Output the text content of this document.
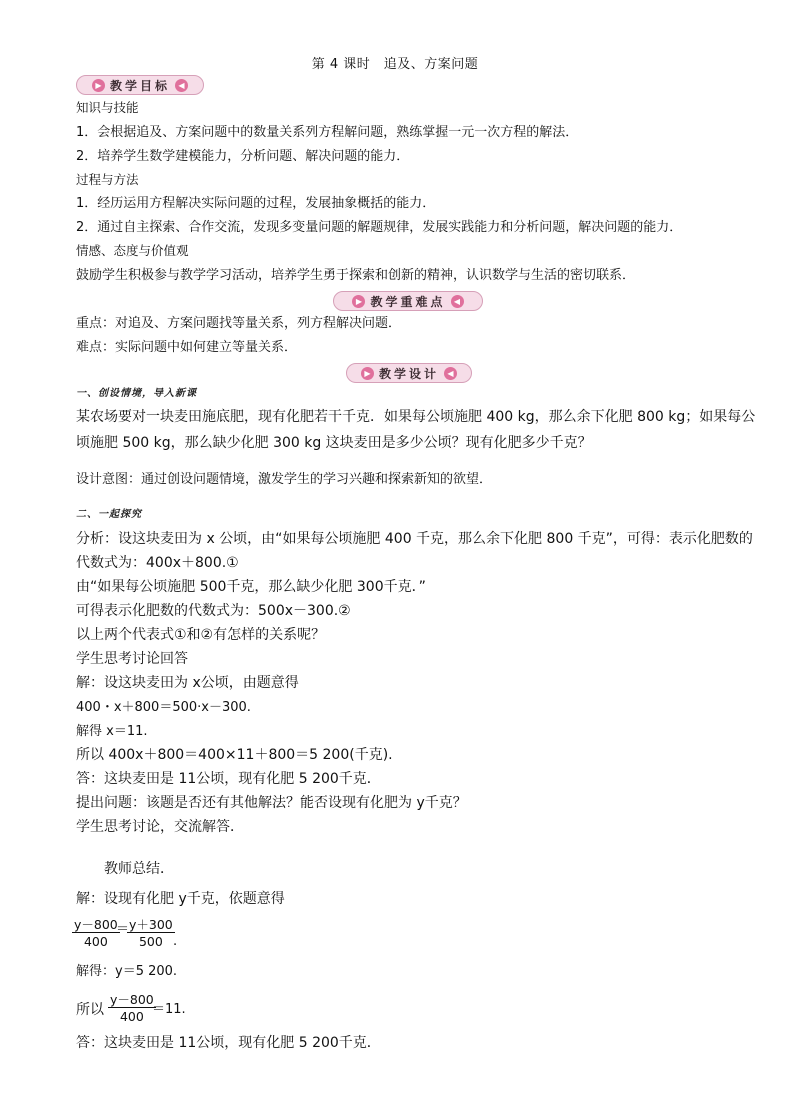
第 4 课时　追及、方案问题
▶ 教学目标	◀
知识与技能
1．会根据追及、方案问题中的数量关系列方程解问题，熟练掌握一元一次方程的解法．
2．培养学生数学建模能力，分析问题、解决问题的能力．
过程与方法
1．经历运用方程解决实际问题的过程，发展抽象概括的能力．
2．通过自主探索、合作交流，发现多变量问题的解题规律，发展实践能力和分析问题，解决问题的能力．
情感、态度与价值观
鼓励学生积极参与教学学习活动，培养学生勇于探索和创新的精神，认识数学与生活的密切联系．
▶ 教学重难点	◀
重点：对追及、方案问题找等量关系，列方程解决问题．
难点：实际问题中如何建立等量关系．
▶ 教学设计	◀
一、创设情境，导入新课
某农场要对一块麦田施底肥，现有化肥若干千克．如果每公顷施肥 400 kg，那么余下化肥 800 kg；如果每公
顷施肥 500 kg，那么缺少化肥 300 kg 这块麦田是多少公顷？现有化肥多少千克？
设计意图：通过创设问题情境，激发学生的学习兴趣和探索新知的欲望．
二、一起探究
分析：设这块麦田为 x 公顷，由“如果每公顷施肥 400 千克，那么余下化肥 800 千克”，可得：表示化肥数的
代数式为：400x＋800.①
由“如果每公顷施肥 500千克，那么缺少化肥 300千克．”
可得表示化肥数的代数式为：500x－300.②
以上两个代表式①和②有怎样的关系呢？
学生思考讨论回答
解：设这块麦田为 x公顷，由题意得
400・x＋800＝500·x－300.
解得 x＝11.
所以 400x＋800＝400×11＋800＝5 200(千克).
答：这块麦田是 11公顷，现有化肥 5 200千克．
提出问题：该题是否还有其他解法？能否设现有化肥为 y千克？
学生思考讨论，交流解答．
教师总结．
解：设现有化肥 y千克，依题意得
$\frac{y-800}{400}$
＝
$\frac{y+300}{500}$
.
解得：y＝5 200.
所以 $\frac{y-800}{400}$
＝11.
答：这块麦田是 11公顷，现有化肥 5 200千克．
